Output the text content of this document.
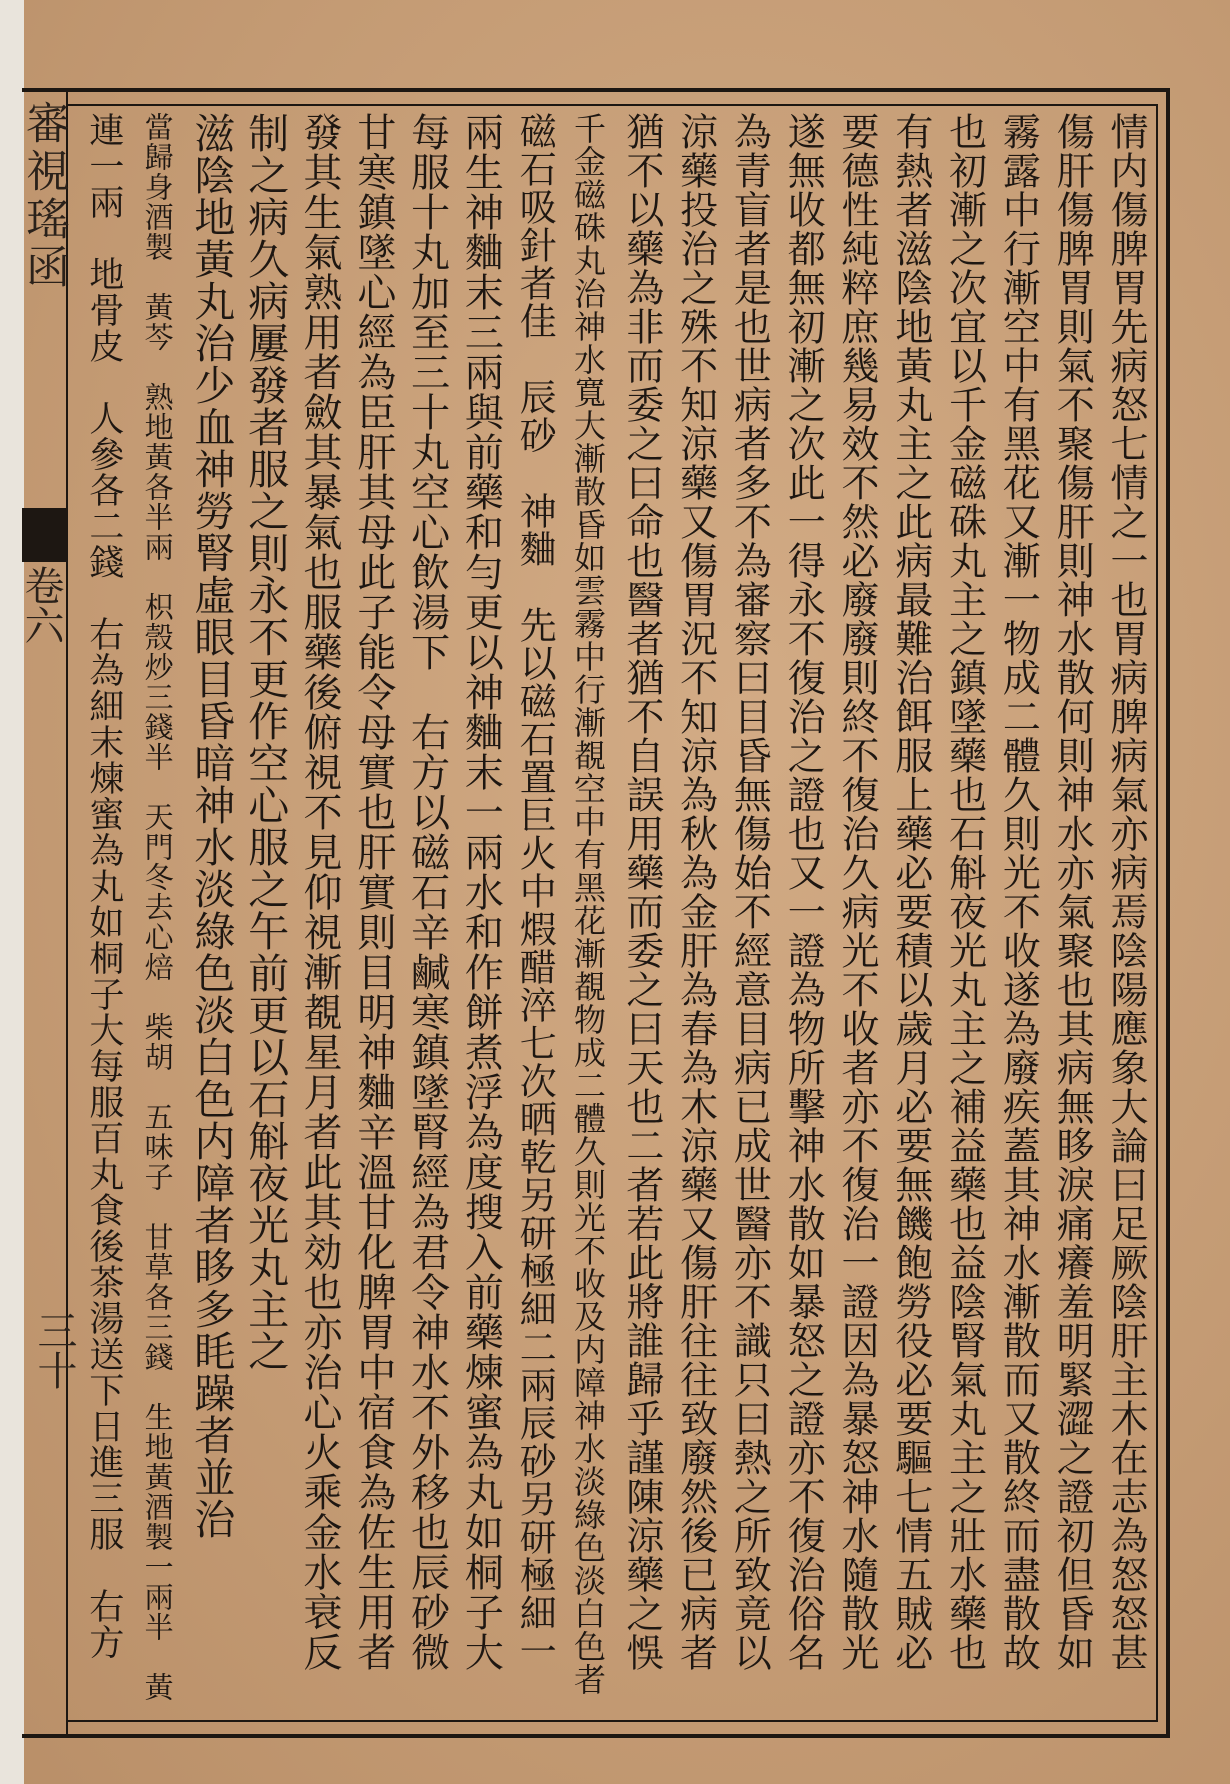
審視瑤函
卷六
三十	情内傷脾胃先病怒七情之一也胃病脾病氣亦病焉陰陽應象大論曰足厥陰肝主木在志為怒怒甚
傷肝傷脾胃則氣不聚傷肝則神水散何則神水亦氣聚也其病無眵淚痛癢羞明緊澀之證初但昏如
霧露中行漸空中有黑花又漸一物成二體久則光不收遂為廢疾蓋其神水漸散而又散終而盡散故
也初漸之次宜以千金磁硃丸主之鎮墜藥也石斛夜光丸主之補益藥也益陰腎氣丸主之壯水藥也
有熱者滋陰地黃丸主之此病最難治餌服上藥必要積以歲月必要無饑飽勞役必要驅七情五賊必
要德性純粹庶幾易效不然必廢廢則終不復治久病光不收者亦不復治一證因為暴怒神水隨散光
遂無收都無初漸之次此一得永不復治之證也又一證為物所擊神水散如暴怒之證亦不復治俗名
為青盲者是也世病者多不為審察曰目昏無傷始不經意目病已成世醫亦不識只曰熱之所致竟以
涼藥投治之殊不知涼藥又傷胃況不知涼為秋為金肝為春為木涼藥又傷肝往往致廢然後已病者
猶不以藥為非而委之曰命也醫者猶不自誤用藥而委之曰天也二者若此將誰歸乎謹陳涼藥之悞
千金磁硃丸治神水寬大漸散昏如雲霧中行漸覩空中有黑花漸覩物成二體久則光不收及内障神水淡綠色淡白色者
磁石吸針者佳　辰砂　神麯　先以磁石置巨火中煆醋淬七次晒乾另研極細二兩辰砂另研極細一
兩生神麯末三兩與前藥和勻更以神麯末一兩水和作餅煮浮為度搜入前藥煉蜜為丸如桐子大
每服十丸加至三十丸空心飲湯下　右方以磁石辛鹹寒鎮墜腎經為君令神水不外移也辰砂微
甘寒鎮墜心經為臣肝其母此子能令母實也肝實則目明神麯辛溫甘化脾胃中宿食為佐生用者
發其生氣熟用者斂其暴氣也服藥後俯視不見仰視漸覩星月者此其効也亦治心火乘金水衰反
制之病久病屢發者服之則永不更作空心服之午前更以石斛夜光丸主之
滋陰地黃丸治少血神勞腎虛眼目昏暗神水淡綠色淡白色内障者眵多眊躁者並治
當歸身酒製　黃芩　熟地黃各半兩　枳殼炒三錢半　天門冬去心焙　柴胡　五味子　甘草各三錢　生地黃酒製一兩半　黃
連一兩　地骨皮　人參各二錢　右為細末煉蜜為丸如桐子大每服百丸食後茶湯送下日進三服　右方
